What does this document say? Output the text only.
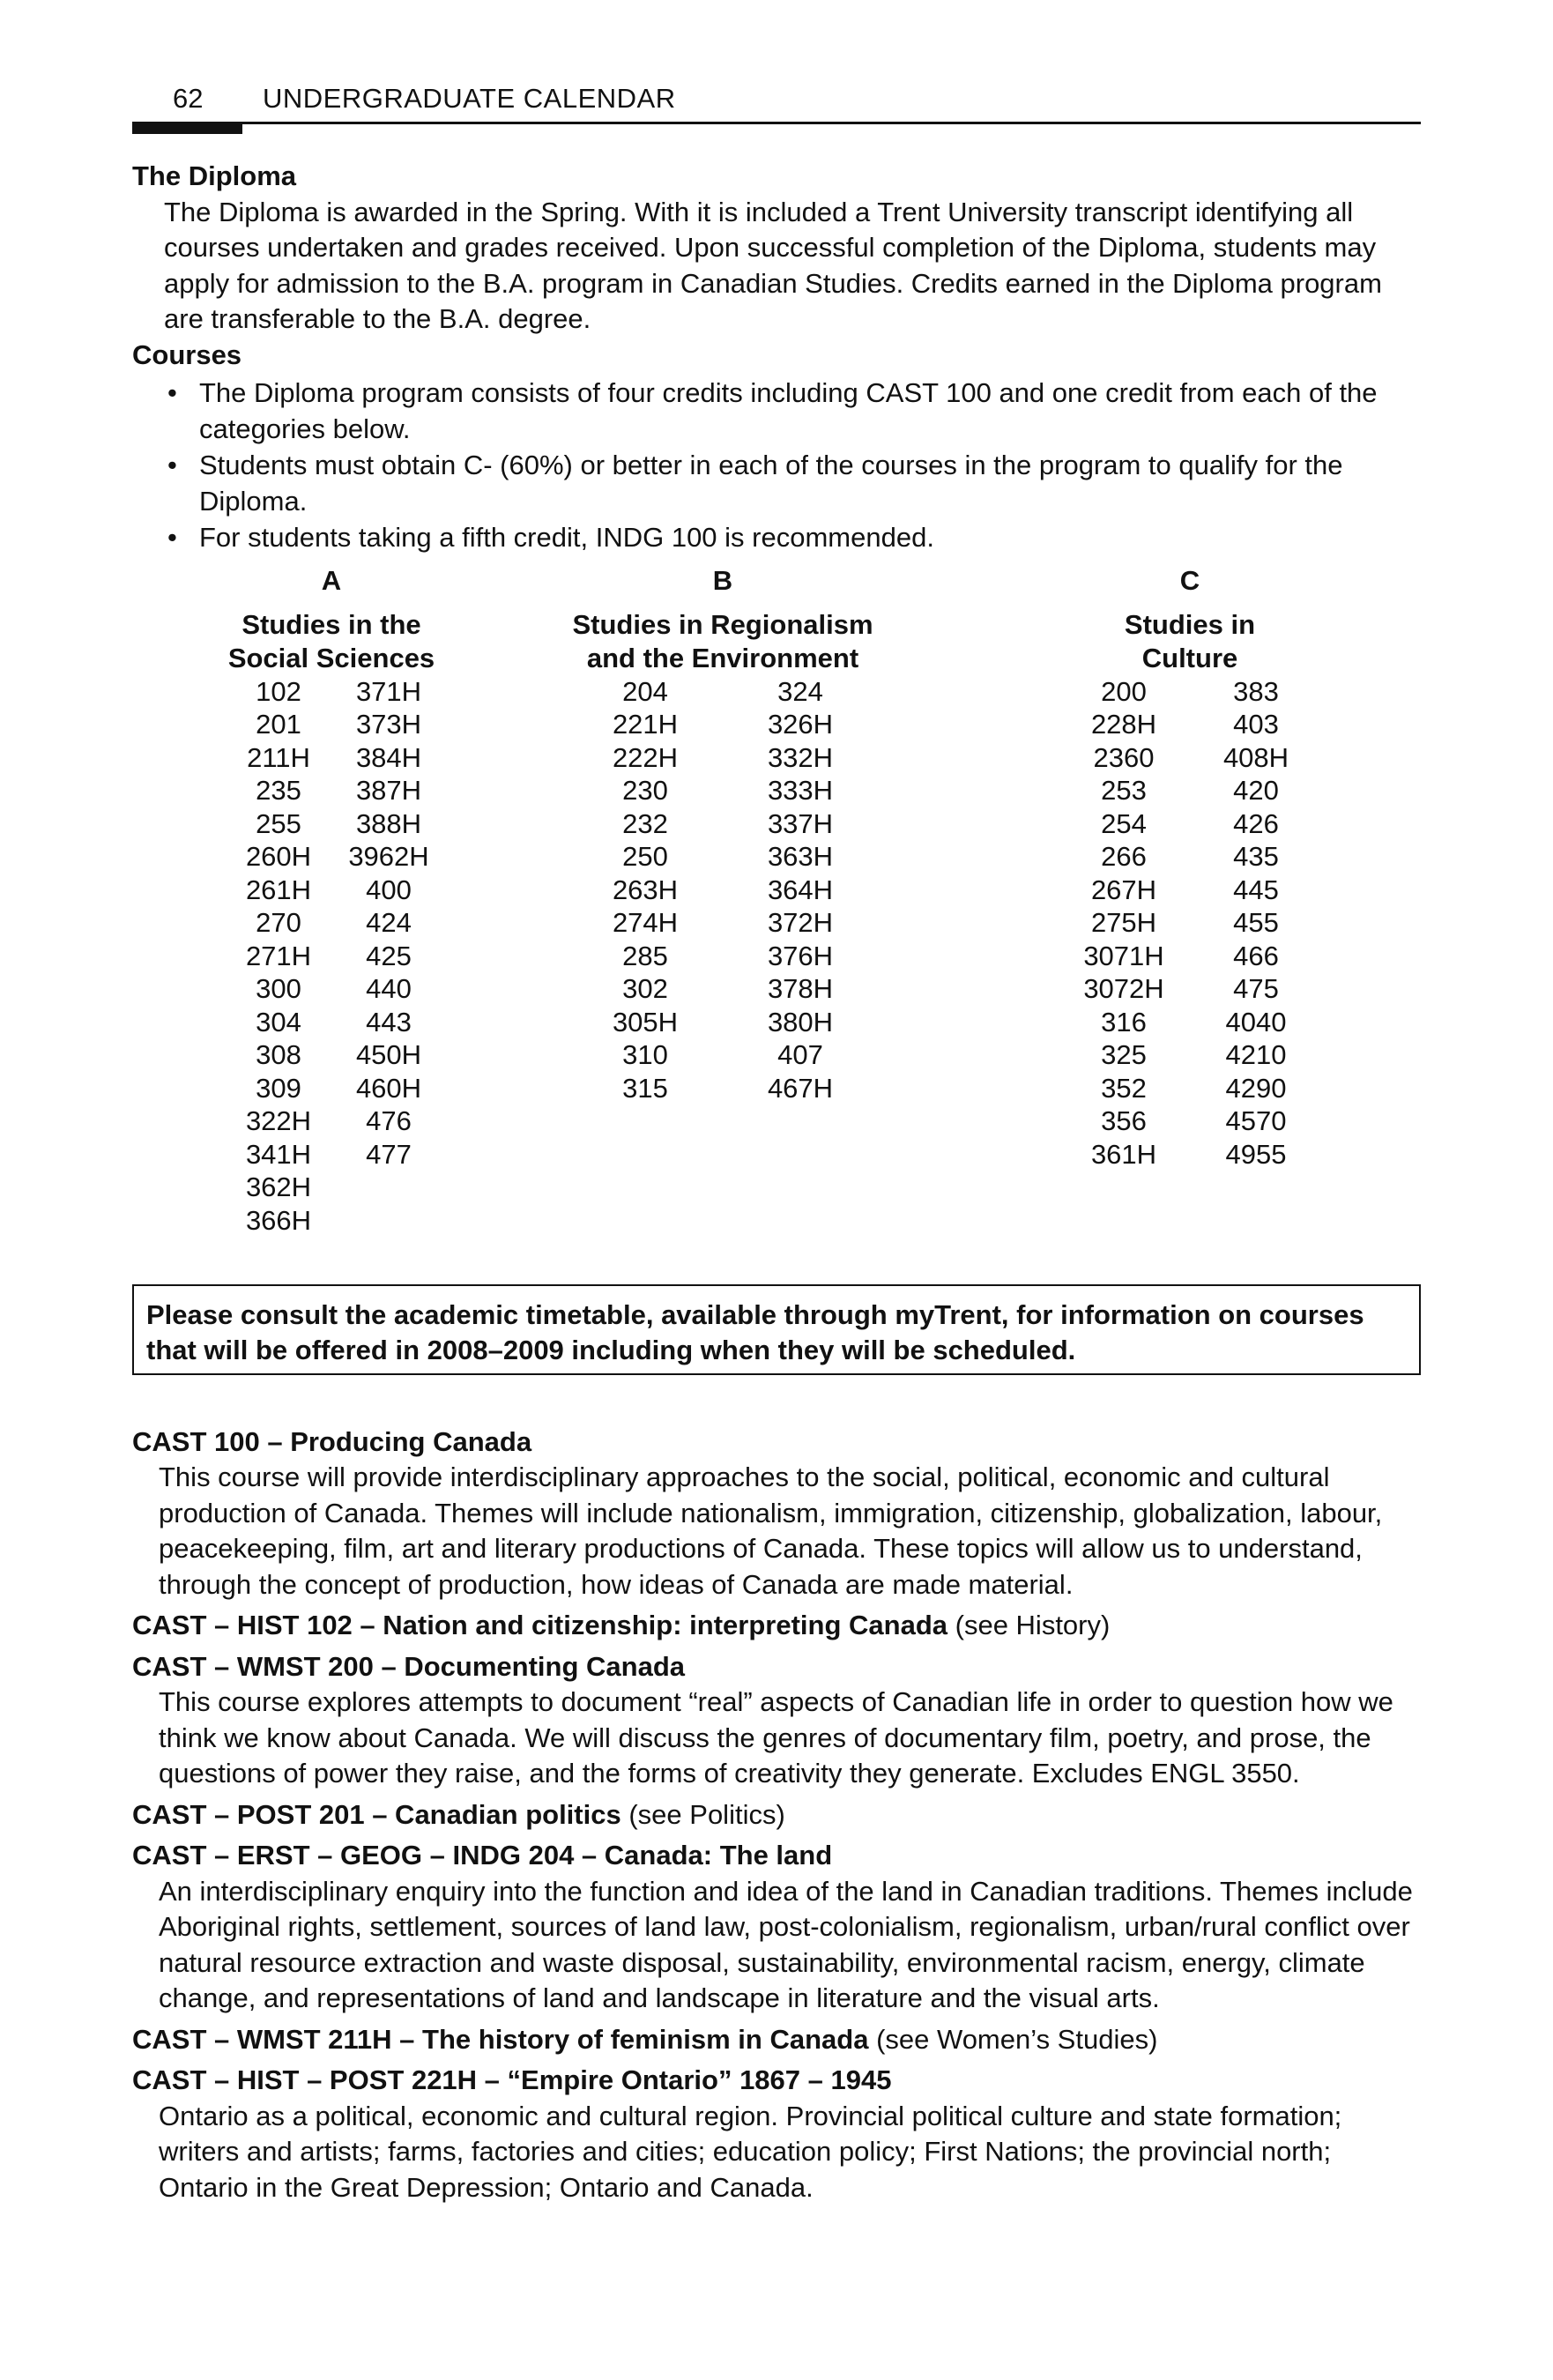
62 UNDERGRADUATE CALENDAR

The Diploma

The Diploma is awarded in the Spring. With it is included a Trent University transcript identifying all courses undertaken and grades received. Upon successful completion of the Diploma, students may apply for admission to the B.A. program in Canadian Studies. Credits earned in the Diploma program are transferable to the B.A. degree.

Courses

• The Diploma program consists of four credits including CAST 100 and one credit from each of the categories below.
• Students must obtain C- (60%) or better in each of the courses in the program to qualify for the Diploma.
• For students taking a fifth credit, INDG 100 is recommended.
A
Studies in the
Social Sciences
102
201
211H
235
255
260H
261H
270
271H
300
304
308
309
322H
341H
362H
366H
371H
373H
384H
387H
388H
3962H
400
424
425
440
443
450H
460H
476
477
B
Studies in Regionalism
and the Environment
204
221H
222H
230
232
250
263H
274H
285
302
305H
310
315
324
326H
332H
333H
337H
363H
364H
372H
376H
378H
380H
407
467H
C
Studies in
Culture
200
228H
2360
253
254
266
267H
275H
3071H
3072H
316
325
352
356
361H
383
403
408H
420
426
435
445
455
466
475
4040
4210
4290
4570
4955
Please consult the academic timetable, available through myTrent, for information on courses that will be offered in 2008–2009 including when they will be scheduled.

CAST 100 – Producing Canada

This course will provide interdisciplinary approaches to the social, political, economic and cultural production of Canada. Themes will include nationalism, immigration, citizenship, globalization, labour, peacekeeping, film, art and literary productions of Canada. These topics will allow us to understand, through the concept of production, how ideas of Canada are made material.

CAST – HIST 102 – Nation and citizenship: interpreting Canada (see History)

CAST – WMST 200 – Documenting Canada

This course explores attempts to document “real” aspects of Canadian life in order to question how we think we know about Canada. We will discuss the genres of documentary film, poetry, and prose, the questions of power they raise, and the forms of creativity they generate. Excludes ENGL 3550.

CAST – POST 201 – Canadian politics (see Politics)

CAST – ERST – GEOG – INDG 204 – Canada: The land

An interdisciplinary enquiry into the function and idea of the land in Canadian traditions. Themes include Aboriginal rights, settlement, sources of land law, post-colonialism, regionalism, urban/rural conflict over natural resource extraction and waste disposal, sustainability, environmental racism, energy, climate change, and representations of land and landscape in literature and the visual arts.

CAST – WMST 211H – The history of feminism in Canada (see Women’s Studies)

CAST – HIST – POST 221H – “Empire Ontario” 1867 – 1945

Ontario as a political, economic and cultural region. Provincial political culture and state formation; writers and artists; farms, factories and cities; education policy; First Nations; the provincial north; Ontario in the Great Depression; Ontario and Canada.
